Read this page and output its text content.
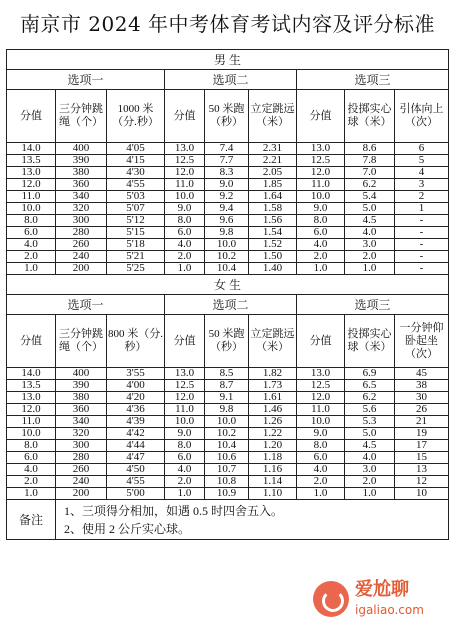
南京市 2024 年中考体育考试内容及评分标准
男 生								
选项一			选项二			选项三		
分值	三分钟跳绳（个）	1000 米（分.秒）	分值	50 米跑（秒）	立定跳远（米）	分值	投掷实心球（米）	引体向上（次）
14.0	400	4'05	13.0	7.4	2.31	13.0	8.6	6
13.5	390	4'15	12.5	7.7	2.21	12.5	7.8	5
13.0	380	4'30	12.0	8.3	2.05	12.0	7.0	4
12.0	360	4'55	11.0	9.0	1.85	11.0	6.2	3
11.0	340	5'03	10.0	9.2	1.64	10.0	5.4	2
10.0	320	5'07	9.0	9.4	1.58	9.0	5.0	1
8.0	300	5'12	8.0	9.6	1.56	8.0	4.5	-
6.0	280	5'15	6.0	9.8	1.54	6.0	4.0	-
4.0	260	5'18	4.0	10.0	1.52	4.0	3.0	-
2.0	240	5'21	2.0	10.2	1.50	2.0	2.0	-
1.0	200	5'25	1.0	10.4	1.40	1.0	1.0	-
女 生								
选项一			选项二			选项三		
分值	三分钟跳绳（个）	800 米（分.秒）	分值	50 米跑（秒）	立定跳远（米）	分值	投掷实心球（米）	一分钟仰卧起坐（次）
14.0	400	3'55	13.0	8.5	1.82	13.0	6.9	45
13.5	390	4'00	12.5	8.7	1.73	12.5	6.5	38
13.0	380	4'20	12.0	9.1	1.61	12.0	6.2	30
12.0	360	4'36	11.0	9.8	1.46	11.0	5.6	26
11.0	340	4'39	10.0	10.0	1.26	10.0	5.3	21
10.0	320	4'42	9.0	10.2	1.22	9.0	5.0	19
8.0	300	4'44	8.0	10.4	1.20	8.0	4.5	17
6.0	280	4'47	6.0	10.6	1.18	6.0	4.0	15
4.0	260	4'50	4.0	10.7	1.16	4.0	3.0	13
2.0	240	4'55	2.0	10.8	1.14	2.0	2.0	12
1.0	200	5'00	1.0	10.9	1.10	1.0	1.0	10
备注	1、三项得分相加，如遇 0.5 时四舍五入。
2、使用 2 公斤实心球。							
爱尬聊
igaliao.com
